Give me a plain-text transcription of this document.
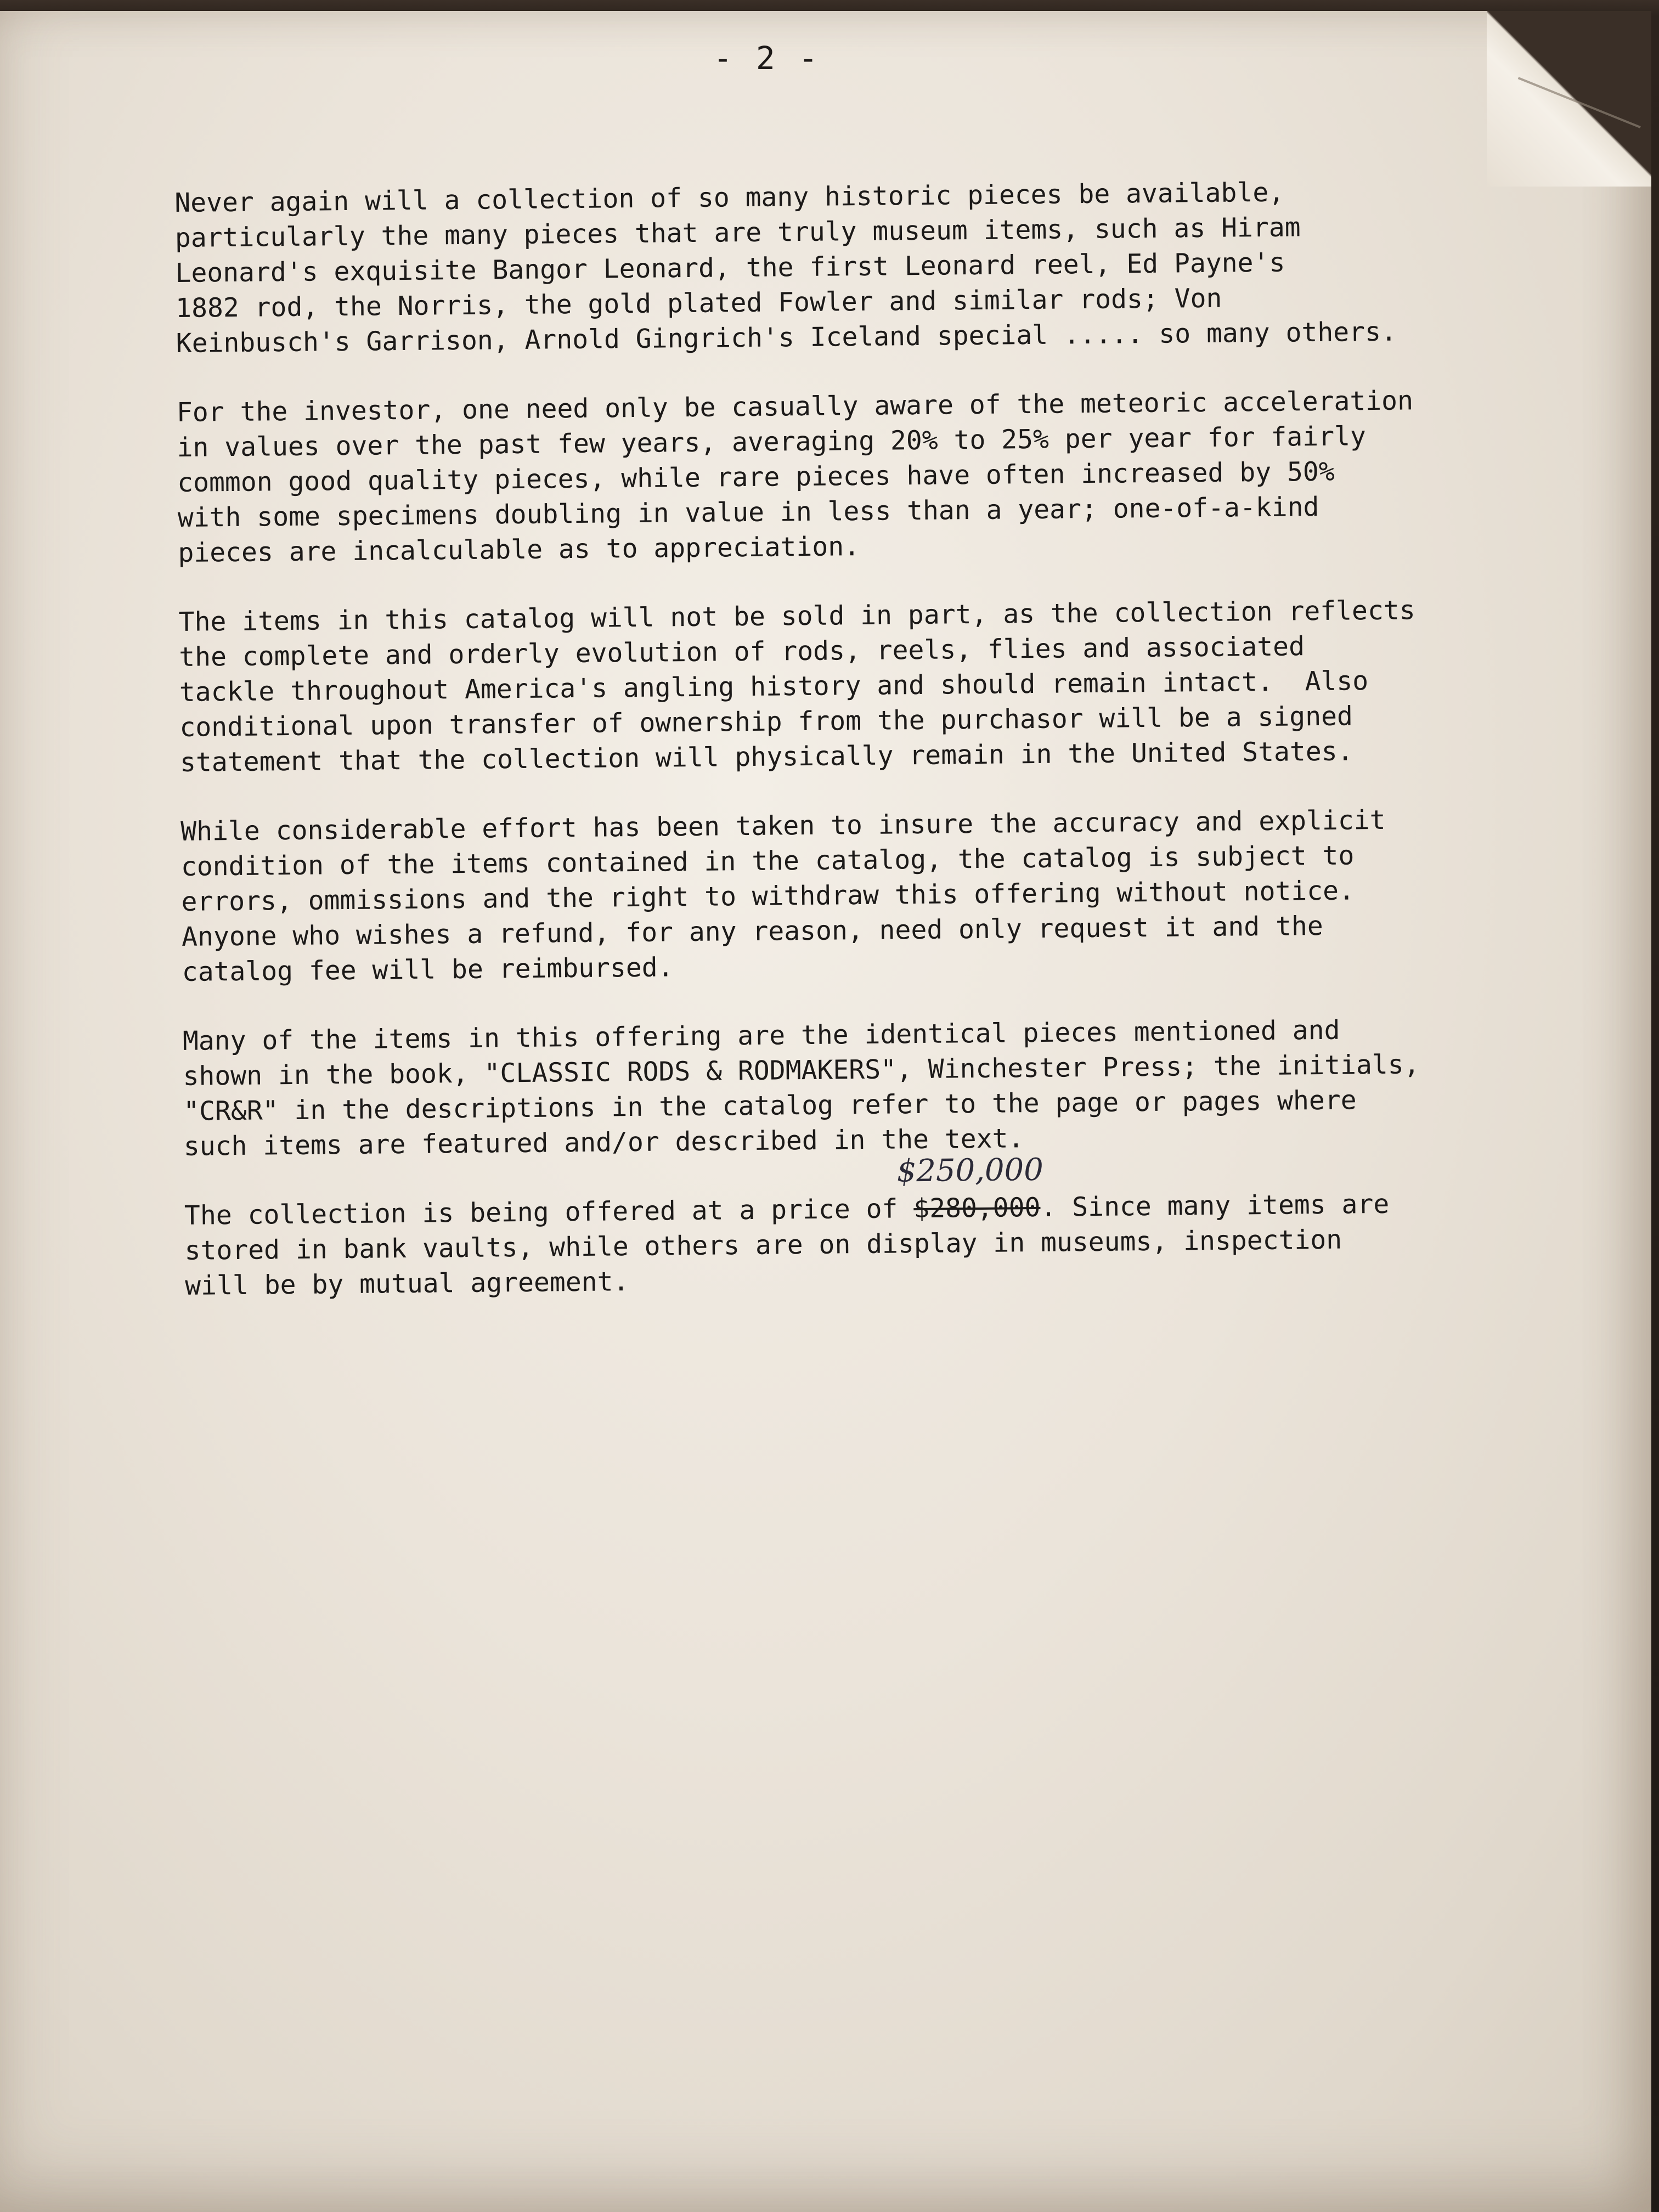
- 2 -
Never again will a collection of so many historic pieces be available,
particularly the many pieces that are truly museum items, such as Hiram
Leonard's exquisite Bangor Leonard, the first Leonard reel, Ed Payne's
1882 rod, the Norris, the gold plated Fowler and similar rods; Von
Keinbusch's Garrison, Arnold Gingrich's Iceland special ..... so many others.
For the investor, one need only be casually aware of the meteoric acceleration
in values over the past few years, averaging 20% to 25% per year for fairly
common good quality pieces, while rare pieces have often increased by 50%
with some specimens doubling in value in less than a year; one-of-a-kind
pieces are incalculable as to appreciation.
The items in this catalog will not be sold in part, as the collection reflects
the complete and orderly evolution of rods, reels, flies and associated
tackle throughout America's angling history and should remain intact.  Also
conditional upon transfer of ownership from the purchasor will be a signed
statement that the collection will physically remain in the United States.
While considerable effort has been taken to insure the accuracy and explicit
condition of the items contained in the catalog, the catalog is subject to
errors, ommissions and the right to withdraw this offering without notice.
Anyone who wishes a refund, for any reason, need only request it and the
catalog fee will be reimbursed.
Many of the items in this offering are the identical pieces mentioned and
shown in the book, "CLASSIC RODS & RODMAKERS", Winchester Press; the initials,
"CR&R" in the descriptions in the catalog refer to the page or pages where
such items are featured and/or described in the text.
The collection is being offered at a price of
$250,000
$280,000. Since many items are
stored in bank vaults, while others are on display in museums, inspection
will be by mutual agreement.
